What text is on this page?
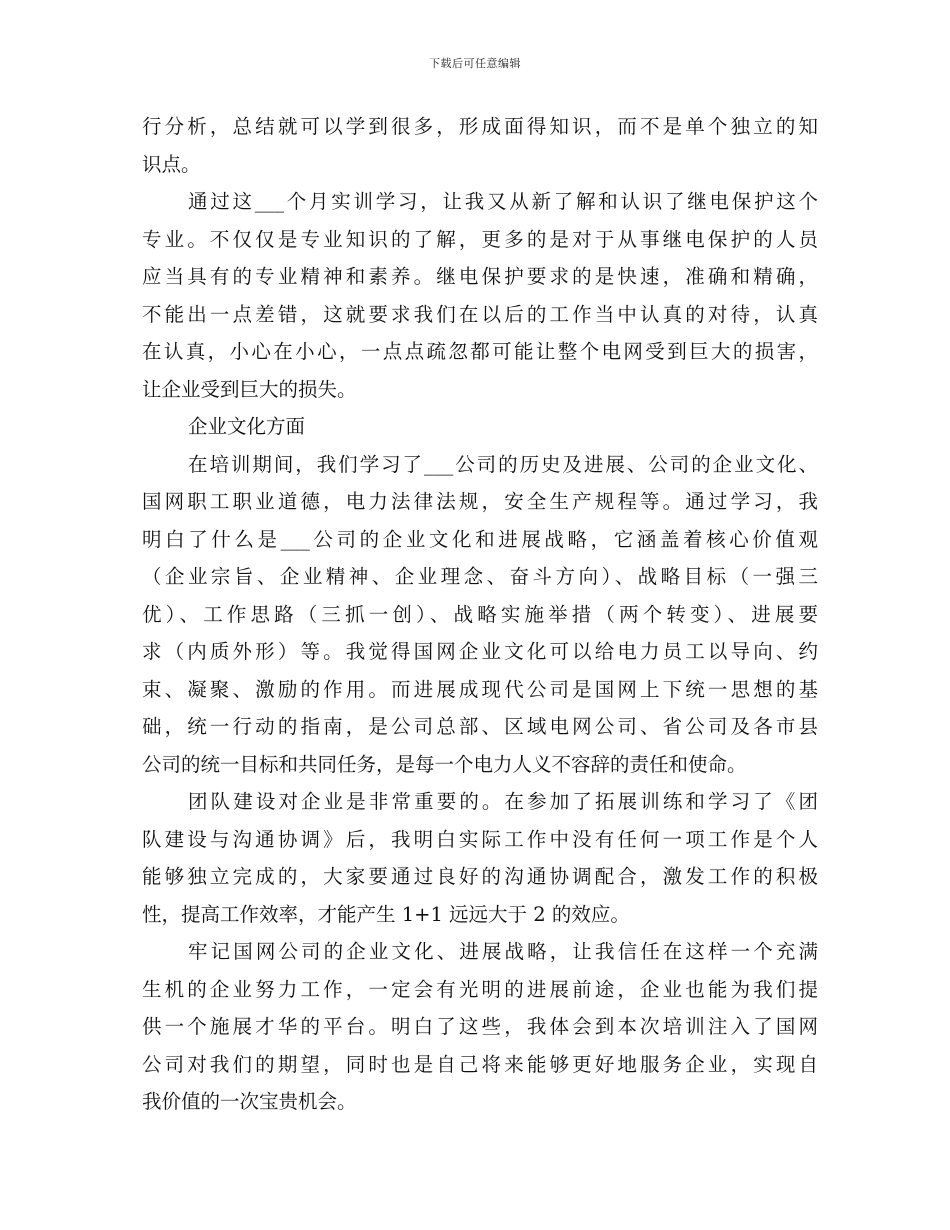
下载后可任意编辑
行分析，总结就可以学到很多，形成面得知识，而不是单个独立的知
识点。
通过这___个月实训学习，让我又从新了解和认识了继电保护这个
专业。不仅仅是专业知识的了解，更多的是对于从事继电保护的人员
应当具有的专业精神和素养。继电保护要求的是快速，准确和精确，
不能出一点差错，这就要求我们在以后的工作当中认真的对待，认真
在认真，小心在小心，一点点疏忽都可能让整个电网受到巨大的损害，
让企业受到巨大的损失。
企业文化方面
在培训期间，我们学习了___公司的历史及进展、公司的企业文化、
国网职工职业道德，电力法律法规，安全生产规程等。通过学习，我
明白了什么是___公司的企业文化和进展战略，它涵盖着核心价值观
（企业宗旨、企业精神、企业理念、奋斗方向）、战略目标（一强三
优）、工作思路（三抓一创）、战略实施举措（两个转变）、进展要
求（内质外形）等。我觉得国网企业文化可以给电力员工以导向、约
束、凝聚、激励的作用。而进展成现代公司是国网上下统一思想的基
础，统一行动的指南，是公司总部、区域电网公司、省公司及各市县
公司的统一目标和共同任务，是每一个电力人义不容辞的责任和使命。
团队建设对企业是非常重要的。在参加了拓展训练和学习了《团
队建设与沟通协调》后，我明白实际工作中没有任何一项工作是个人
能够独立完成的，大家要通过良好的沟通协调配合，激发工作的积极
性，提高工作效率，才能产生 1+1 远远大于 2 的效应。
牢记国网公司的企业文化、进展战略，让我信任在这样一个充满
生机的企业努力工作，一定会有光明的进展前途，企业也能为我们提
供一个施展才华的平台。明白了这些，我体会到本次培训注入了国网
公司对我们的期望，同时也是自己将来能够更好地服务企业，实现自
我价值的一次宝贵机会。
